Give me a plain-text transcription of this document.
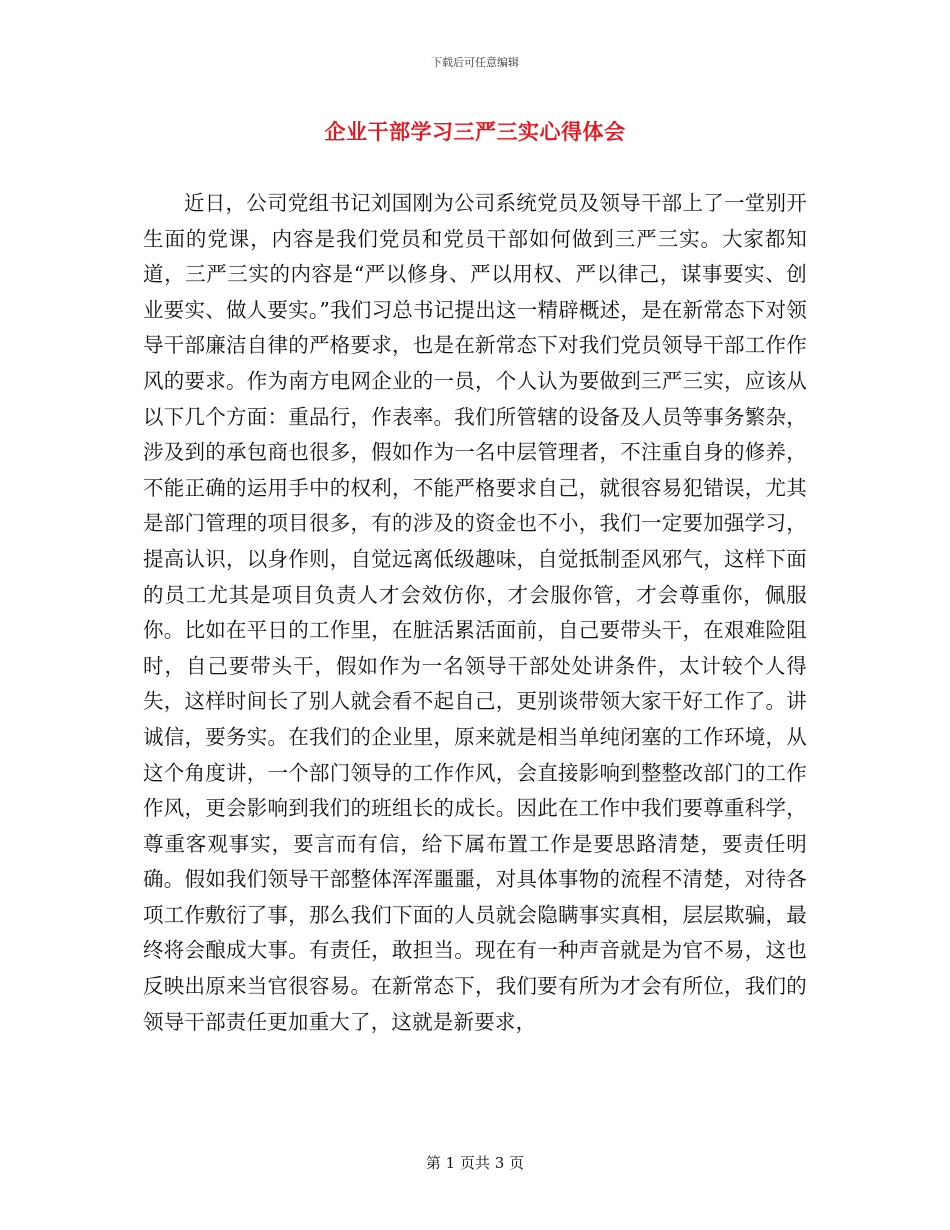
下载后可任意编辑
企业干部学习三严三实心得体会

近日，公司党组书记刘国刚为公司系统党员及领导干部上了一堂别开生面的党课，内容是我们党员和党员干部如何做到三严三实。大家都知道，三严三实的内容是“严以修身、严以用权、严以律己，谋事要实、创业要实、做人要实。”我们习总书记提出这一精辟概述，是在新常态下对领导干部廉洁自律的严格要求，也是在新常态下对我们党员领导干部工作作风的要求。作为南方电网企业的一员，个人认为要做到三严三实，应该从以下几个方面：重品行，作表率。我们所管辖的设备及人员等事务繁杂，涉及到的承包商也很多，假如作为一名中层管理者，不注重自身的修养，不能正确的运用手中的权利，不能严格要求自己，就很容易犯错误，尤其是部门管理的项目很多，有的涉及的资金也不小，我们一定要加强学习，提高认识，以身作则，自觉远离低级趣味，自觉抵制歪风邪气，这样下面的员工尤其是项目负责人才会效仿你，才会服你管，才会尊重你，佩服你。比如在平日的工作里，在脏活累活面前，自己要带头干，在艰难险阻时，自己要带头干，假如作为一名领导干部处处讲条件，太计较个人得失，这样时间长了别人就会看不起自己，更别谈带领大家干好工作了。讲诚信，要务实。在我们的企业里，原来就是相当单纯闭塞的工作环境，从这个角度讲，一个部门领导的工作作风，会直接影响到整整改部门的工作作风，更会影响到我们的班组长的成长。因此在工作中我们要尊重科学，尊重客观事实，要言而有信，给下属布置工作是要思路清楚，要责任明确。假如我们领导干部整体浑浑噩噩，对具体事物的流程不清楚，对待各项工作敷衍了事，那么我们下面的人员就会隐瞒事实真相，层层欺骗，最终将会酿成大事。有责任，敢担当。现在有一种声音就是为官不易，这也反映出原来当官很容易。在新常态下，我们要有所为才会有所位，我们的领导干部责任更加重大了，这就是新要求，

第 1 页共 3 页
